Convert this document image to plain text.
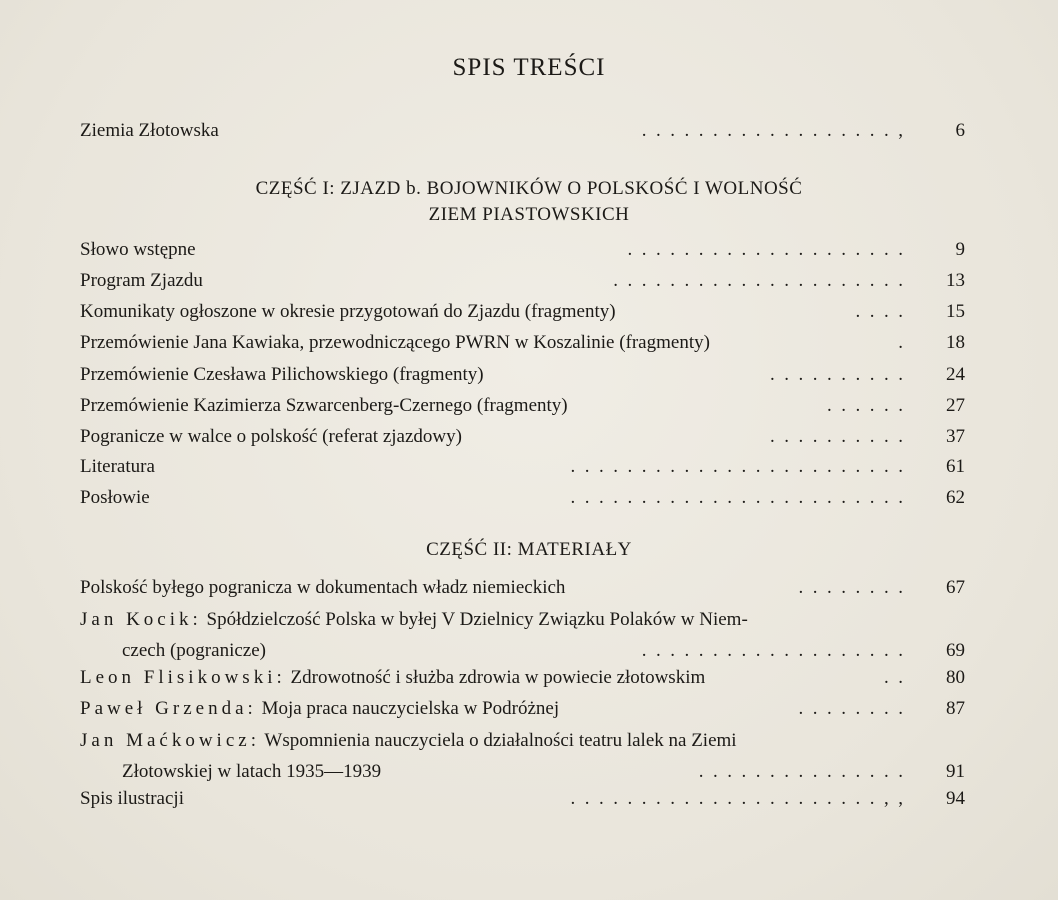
SPIS TREŚCI
Ziemia Złotowska	.  .  .  .  .  .  .  .  .  .  .  .  .  .  .  .  .  .  ,	6
CZĘŚĆ I: ZJAZD b. BOJOWNIKÓW O POLSKOŚĆ I WOLNOŚĆ
ZIEM PIASTOWSKICH
Słowo wstępne	.  .  .  .  .  .  .  .  .  .  .  .  .  .  .  .  .  .  .  .	9
Program Zjazdu	.  .  .  .  .  .  .  .  .  .  .  .  .  .  .  .  .  .  .  .  .	13
Komunikaty ogłoszone w okresie przygotowań do Zjazdu (fragmenty)	.  .  .  .	15
Przemówienie Jana Kawiaka, przewodniczącego PWRN w Koszalinie (fragmenty)	.	18
Przemówienie Czesława Pilichowskiego (fragmenty)	.  .  .  .  .  .  .  .  .  .	24
Przemówienie Kazimierza Szwarcenberg-Czernego (fragmenty)	.  .  .  .  .  .	27
Pogranicze w walce o polskość (referat zjazdowy)	.  .  .  .  .  .  .  .  .  .	37
Literatura	.  .  .  .  .  .  .  .  .  .  .  .  .  .  .  .  .  .  .  .  .  .  .  .	61
Posłowie	.  .  .  .  .  .  .  .  .  .  .  .  .  .  .  .  .  .  .  .  .  .  .  .	62
CZĘŚĆ II: MATERIAŁY
Polskość byłego pogranicza w dokumentach władz niemieckich	.  .  .  .  .  .  .  .	67
Jan Kocik: Spółdzielczość Polska w byłej V Dzielnicy Związku Polaków w Niem-
czech (pogranicze)	.  .  .  .  .  .  .  .  .  .  .  .  .  .  .  .  .  .  .	69
Leon Flisikowski: Zdrowotność i służba zdrowia w powiecie złotowskim	.  .	80
Paweł Grzenda: Moja praca nauczycielska w Podróżnej	.  .  .  .  .  .  .  .	87
Jan Maćkowicz: Wspomnienia nauczyciela o działalności teatru lalek na Ziemi
Złotowskiej w latach 1935—1939	.  .  .  .  .  .  .  .  .  .  .  .  .  .  .	91
Spis ilustracji	.  .  .  .  .  .  .  .  .  .  .  .  .  .  .  .  .  .  .  .  .  .  ,  ,	94
